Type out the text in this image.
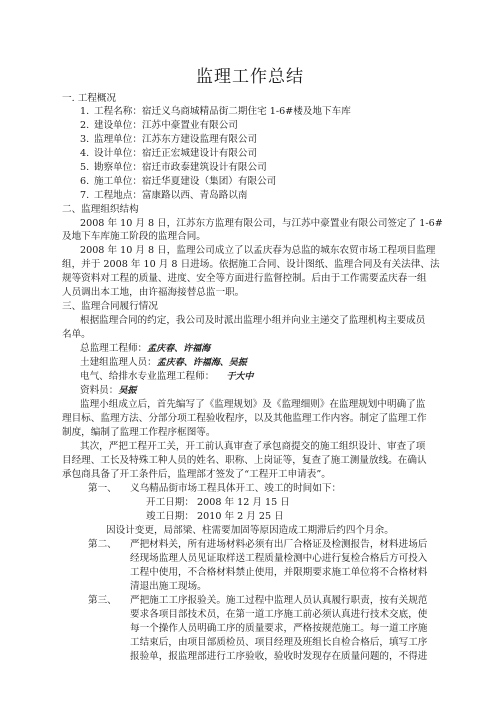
监理工作总结
一. 工程概况
1. 工程名称：宿迁义乌商城精品街二期住宅 1-6#楼及地下车库
2. 建设单位：江苏中豪置业有限公司
3. 监理单位：江苏东方建设监理有限公司
4. 设计单位：宿迁正宏城建设计有限公司
5. 勘察单位：宿迁市政泰建筑设计有限公司
6. 施工单位：宿迁华夏建设（集团）有限公司
7. 工程地点：富康路以西、青岛路以南
二、监理组织结构
2008 年 10 月 8 日，江苏东方监理有限公司，与江苏中豪置业有限公司签定了 1-6#
及地下车库施工阶段的监理合同。
2008 年 10 月 8 日，监理公司成立了以孟庆春为总监的城东农贸市场工程项目监理
组，并于 2008 年 10 月 8 日进场。依据施工合同、设计图纸、监理合同及有关法律、法
规等资料对工程的质量、进度、安全等方面进行监督控制。后由于工作需要孟庆春一组
人员调出本工地，由许福海接替总监一职。
三、监理合同履行情况
根据监理合同的约定，我公司及时派出监理小组并向业主递交了监理机构主要成员
名单。
总监理工程师：孟庆春、许福海
土建组监理人员：孟庆春、许福海、吴振
电气、给排水专业监理工程师： 于大中
资料员：吴振
监理小组成立后，首先编写了《监理规划》及《监理细则》在监理规划中明确了监
理目标、监理方法、分部分项工程验收程序，以及其他监理工作内容。制定了监理工作
制度，编制了监理工作程序框图等。
其次，严把工程开工关，开工前认真审查了承包商提交的施工组织设计、审查了项
目经理、工长及特殊工种人员的姓名、职称、上岗证等，复查了施工测量放线。在确认
承包商具备了开工条件后，监理部才签发了“工程开工申请表”。
第一、 义乌精品街市场工程具体开工、竣工的时间如下：
开工日期： 2008 年 12 月 15 日
竣工日期： 2010 年 2 月 25 日
因设计变更，局部梁、柱需要加固等原因造成工期滞后约四个月余。
第二、 严把材料关，所有进场材料必须有出厂合格证及检测报告，材料进场后
经现场监理人员见证取样送工程质量检测中心进行复检合格后方可投入
工程中使用，不合格材料禁止使用，并限期要求施工单位将不合格材料
清退出施工现场。
第三、 严把施工工序报验关。施工过程中监理人员认真履行职责，按有关规范
要求各项目部技术员，在第一道工序施工前必须认真进行技术交底，使
每一个操作人员明确工序的质量要求，严格按规范施工。每一道工序施
工结束后，由项目部质检员、项目经理及班组长自检合格后，填写工序
报验单，报监理部进行工序验收，验收时发现存在质量问题的，不得进
